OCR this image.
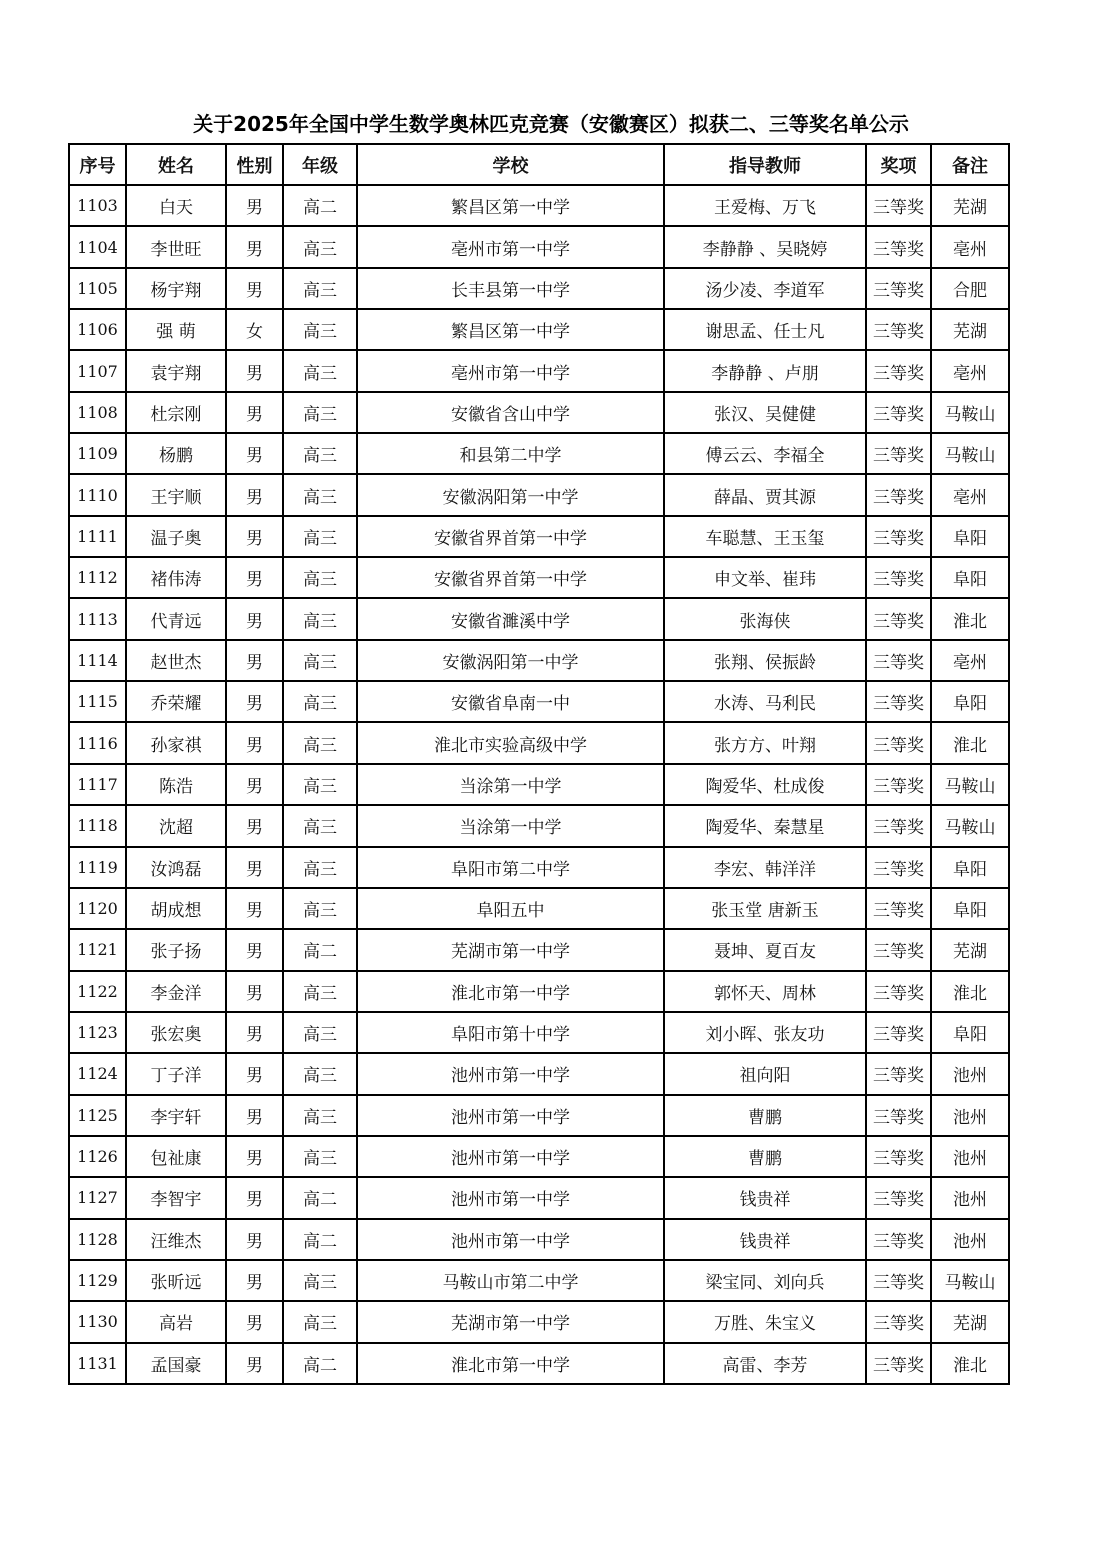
关于2025年全国中学生数学奥林匹克竞赛（安徽赛区）拟获二、三等奖名单公示
序号	姓名	性别	年级	学校	指导教师	奖项	备注
1103	白天	男	高二	繁昌区第一中学	王爱梅、万飞	三等奖	芜湖
1104	李世旺	男	高三	亳州市第一中学	李静静 、吴晓婷	三等奖	亳州
1105	杨宇翔	男	高三	长丰县第一中学	汤少凌、李道军	三等奖	合肥
1106	强 萌	女	高三	繁昌区第一中学	谢思孟、任士凡	三等奖	芜湖
1107	袁宇翔	男	高三	亳州市第一中学	李静静 、卢朋	三等奖	亳州
1108	杜宗刚	男	高三	安徽省含山中学	张汉、吴健健	三等奖	马鞍山
1109	杨鹏	男	高三	和县第二中学	傅云云、李福全	三等奖	马鞍山
1110	王宇顺	男	高三	安徽涡阳第一中学	薛晶、贾其源	三等奖	亳州
1111	温子奥	男	高三	安徽省界首第一中学	车聪慧、王玉玺	三等奖	阜阳
1112	褚伟涛	男	高三	安徽省界首第一中学	申文举、崔玮	三等奖	阜阳
1113	代青远	男	高三	安徽省濉溪中学	张海侠	三等奖	淮北
1114	赵世杰	男	高三	安徽涡阳第一中学	张翔、侯振龄	三等奖	亳州
1115	乔荣耀	男	高三	安徽省阜南一中	水涛、马利民	三等奖	阜阳
1116	孙家祺	男	高三	淮北市实验高级中学	张方方、叶翔	三等奖	淮北
1117	陈浩	男	高三	当涂第一中学	陶爱华、杜成俊	三等奖	马鞍山
1118	沈超	男	高三	当涂第一中学	陶爱华、秦慧星	三等奖	马鞍山
1119	汝鸿磊	男	高三	阜阳市第二中学	李宏、韩洋洋	三等奖	阜阳
1120	胡成想	男	高三	阜阳五中	张玉堂 唐新玉	三等奖	阜阳
1121	张子扬	男	高二	芜湖市第一中学	聂坤、夏百友	三等奖	芜湖
1122	李金洋	男	高三	淮北市第一中学	郭怀天、周林	三等奖	淮北
1123	张宏奥	男	高三	阜阳市第十中学	刘小晖、张友功	三等奖	阜阳
1124	丁子洋	男	高三	池州市第一中学	祖向阳	三等奖	池州
1125	李宇轩	男	高三	池州市第一中学	曹鹏	三等奖	池州
1126	包祉康	男	高三	池州市第一中学	曹鹏	三等奖	池州
1127	李智宇	男	高二	池州市第一中学	钱贵祥	三等奖	池州
1128	汪维杰	男	高二	池州市第一中学	钱贵祥	三等奖	池州
1129	张昕远	男	高三	马鞍山市第二中学	梁宝同、刘向兵	三等奖	马鞍山
1130	高岩	男	高三	芜湖市第一中学	万胜、朱宝义	三等奖	芜湖
1131	孟国豪	男	高二	淮北市第一中学	高雷、李芳	三等奖	淮北
